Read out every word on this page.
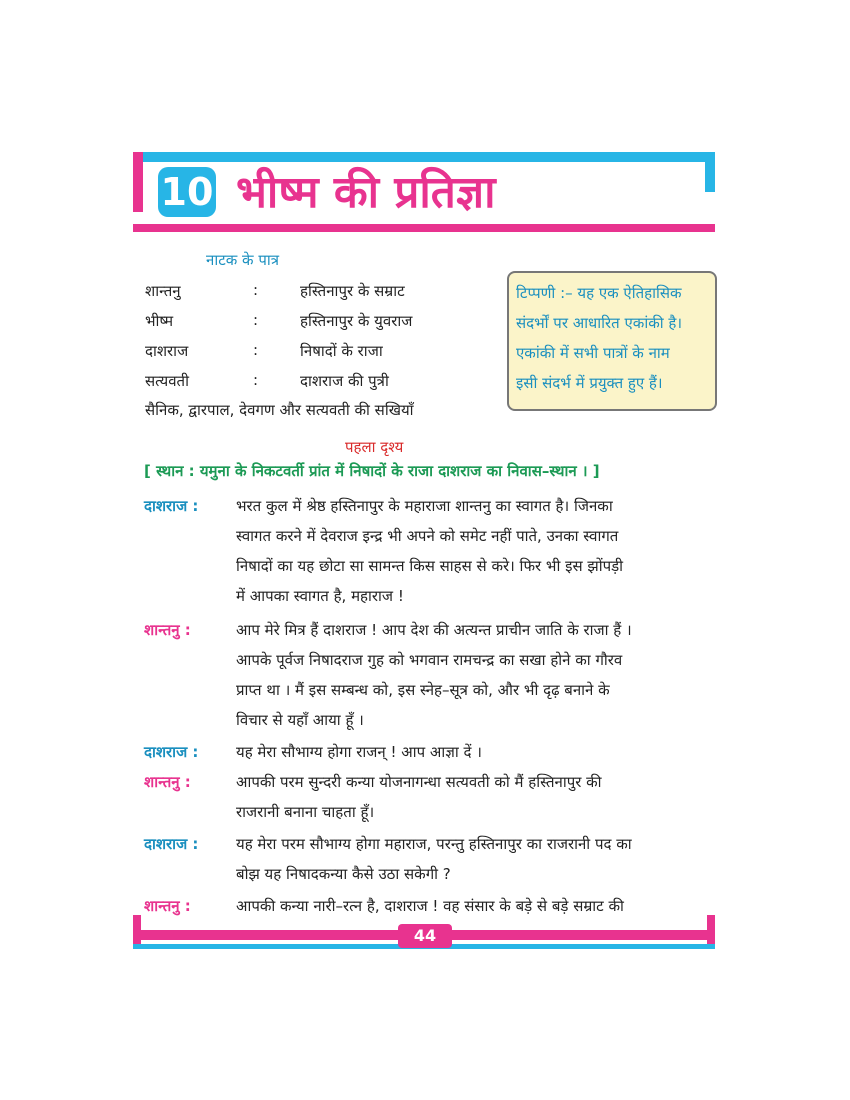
10 भीष्म की प्रतिज्ञा
नाटक के पात्र
शान्तनु	:	हस्तिनापुर के सम्राट
भीष्म	:	हस्तिनापुर के युवराज
दाशराज	:	निषादों के राजा
सत्यवती	:	दाशराज की पुत्री
सैनिक, द्वारपाल, देवगण और सत्यवती की सखियाँ
टिप्पणी :– यह एक ऐतिहासिक
संदर्भों पर आधारित एकांकी है।
एकांकी में सभी पात्रों के नाम
इसी संदर्भ में प्रयुक्त हुए हैं।
पहला दृश्य
[ स्थान : यमुना के निकटवर्ती प्रांत में निषादों के राजा दाशराज का निवास–स्थान । ]
दाशराज :	भरत कुल में श्रेष्ठ हस्तिनापुर के महाराजा शान्तनु का स्वागत है। जिनका
स्वागत करने में देवराज इन्द्र भी अपने को समेट नहीं पाते, उनका स्वागत
निषादों का यह छोटा सा सामन्त किस साहस से करे। फिर भी इस झोंपड़ी
में आपका स्वागत है, महाराज !
शान्तनु :	आप मेरे मित्र हैं दाशराज ! आप देश की अत्यन्त प्राचीन जाति के राजा हैं ।
आपके पूर्वज निषादराज गुह को भगवान रामचन्द्र का सखा होने का गौरव
प्राप्त था । मैं इस सम्बन्ध को, इस स्नेह–सूत्र को, और भी दृढ़ बनाने के
विचार से यहाँ आया हूँ ।
दाशराज :	यह मेरा सौभाग्य होगा राजन् ! आप आज्ञा दें ।
शान्तनु :	आपकी परम सुन्दरी कन्या योजनागन्धा सत्यवती को मैं हस्तिनापुर की
राजरानी बनाना चाहता हूँ।
दाशराज :	यह मेरा परम सौभाग्य होगा महाराज, परन्तु हस्तिनापुर का राजरानी पद का
बोझ यह निषादकन्या कैसे उठा सकेगी ?
शान्तनु :	आपकी कन्या नारी–रत्न है, दाशराज ! वह संसार के बड़े से बड़े सम्राट की
44
